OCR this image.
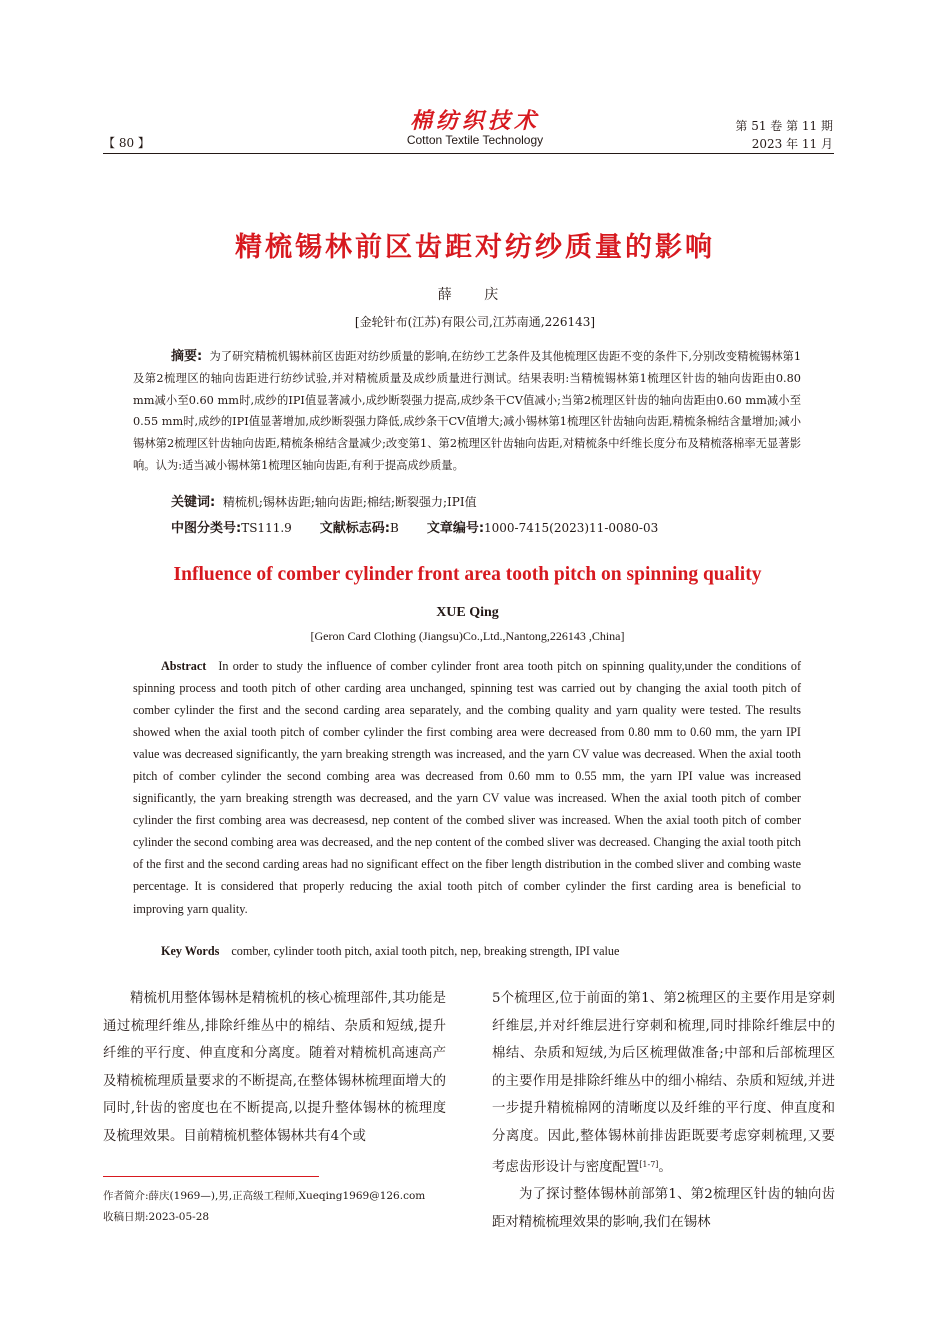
棉纺织技术
Cotton Textile Technology
【 80 】
第 51 卷 第 11 期
2023 年 11 月
精梳锡林前区齿距对纺纱质量的影响
薛 庆
[金轮针布(江苏)有限公司,江苏南通,226143]
摘要: 为了研究精梳机锡林前区齿距对纺纱质量的影响,在纺纱工艺条件及其他梳理区齿距不变的条件下,分别改变精梳锡林第1及第2梳理区的轴向齿距进行纺纱试验,并对精梳质量及成纱质量进行测试。结果表明:当精梳锡林第1梳理区针齿的轴向齿距由0.80 mm减小至0.60 mm时,成纱的IPI值显著减小,成纱断裂强力提高,成纱条干CV值减小;当第2梳理区针齿的轴向齿距由0.60 mm减小至0.55 mm时,成纱的IPI值显著增加,成纱断裂强力降低,成纱条干CV值增大;减小锡林第1梳理区针齿轴向齿距,精梳条棉结含量增加;减小锡林第2梳理区针齿轴向齿距,精梳条棉结含量减少;改变第1、第2梳理区针齿轴向齿距,对精梳条中纤维长度分布及精梳落棉率无显著影响。认为:适当减小锡林第1梳理区轴向齿距,有利于提高成纱质量。
关键词: 精梳机;锡林齿距;轴向齿距;棉结;断裂强力;IPI值
中图分类号:TS111.9 文献标志码:B 文章编号:1000-7415(2023)11-0080-03
Influence of comber cylinder front area tooth pitch on spinning quality
XUE Qing
[Geron Card Clothing (Jiangsu)Co.,Ltd.,Nantong,226143 ,China]
Abstract In order to study the influence of comber cylinder front area tooth pitch on spinning quality,under the conditions of spinning process and tooth pitch of other carding area unchanged, spinning test was carried out by changing the axial tooth pitch of comber cylinder the first and the second carding area separately, and the combing quality and yarn quality were tested. The results showed when the axial tooth pitch of comber cylinder the first combing area were decreased from 0.80 mm to 0.60 mm, the yarn IPI value was decreased significantly, the yarn breaking strength was increased, and the yarn CV value was decreased. When the axial tooth pitch of comber cylinder the second combing area was decreased from 0.60 mm to 0.55 mm, the yarn IPI value was increased significantly, the yarn breaking strength was decreased, and the yarn CV value was increased. When the axial tooth pitch of comber cylinder the first combing area was decreasesd, nep content of the combed sliver was increased. When the axial tooth pitch of comber cylinder the second combing area was decreased, and the nep content of the combed sliver was decreased. Changing the axial tooth pitch of the first and the second carding areas had no significant effect on the fiber length distribution in the combed sliver and combing waste percentage. It is considered that properly reducing the axial tooth pitch of comber cylinder the first carding area is beneficial to improving yarn quality.
Key Words comber, cylinder tooth pitch, axial tooth pitch, nep, breaking strength, IPI value

精梳机用整体锡林是精梳机的核心梳理部件,其功能是通过梳理纤维丛,排除纤维丛中的棉结、杂质和短绒,提升纤维的平行度、伸直度和分离度。随着对精梳机高速高产及精梳梳理质量要求的不断提高,在整体锡林梳理面增大的同时,针齿的密度也在不断提高,以提升整体锡林的梳理度及梳理效果。目前精梳机整体锡林共有4个或

5个梳理区,位于前面的第1、第2梳理区的主要作用是穿刺纤维层,并对纤维层进行穿刺和梳理,同时排除纤维层中的棉结、杂质和短绒,为后区梳理做准备;中部和后部梳理区的主要作用是排除纤维丛中的细小棉结、杂质和短绒,并进一步提升精梳棉网的清晰度以及纤维的平行度、伸直度和分离度。因此,整体锡林前排齿距既要考虑穿刺梳理,又要考虑齿形设计与密度配置[1-7]。

为了探讨整体锡林前部第1、第2梳理区针齿的轴向齿距对精梳梳理效果的影响,我们在锡林

作者简介:薛庆(1969—),男,正高级工程师,Xueqing1969@126.com
收稿日期:2023-05-28
